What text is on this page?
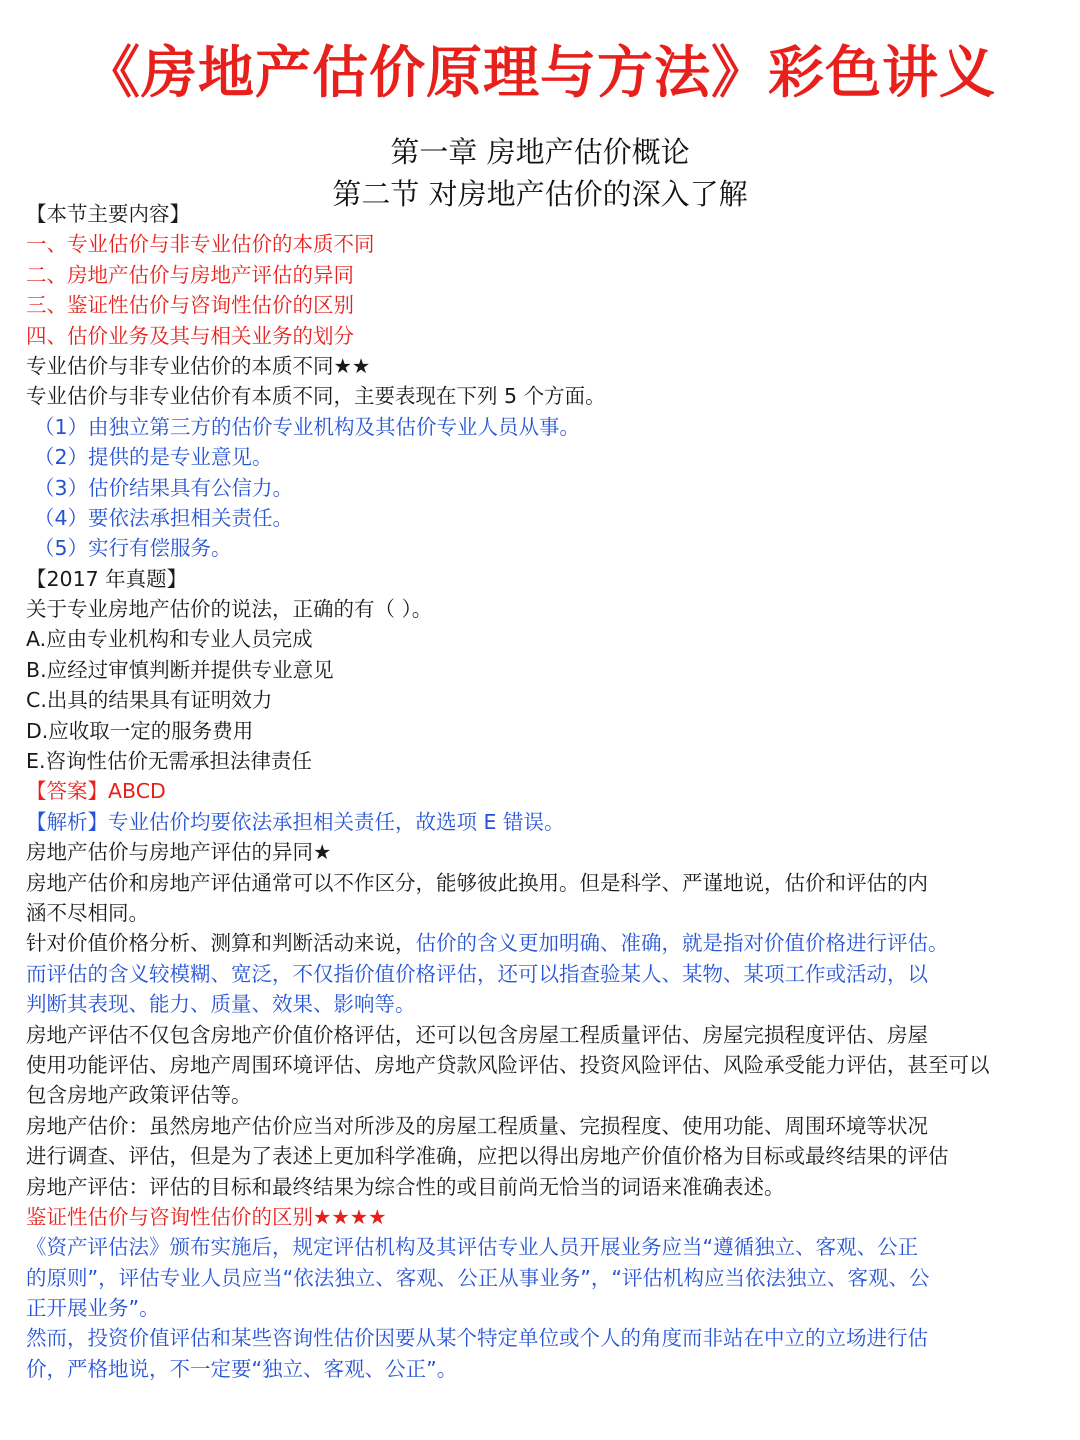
《房地产估价原理与方法》彩色讲义
第一章 房地产估价概论
第二节 对房地产估价的深入了解
【本节主要内容】
一、专业估价与非专业估价的本质不同
二、房地产估价与房地产评估的异同
三、鉴证性估价与咨询性估价的区别
四、估价业务及其与相关业务的划分
专业估价与非专业估价的本质不同★★
专业估价与非专业估价有本质不同，主要表现在下列 5 个方面。
（1）由独立第三方的估价专业机构及其估价专业人员从事。
（2）提供的是专业意见。
（3）估价结果具有公信力。
（4）要依法承担相关责任。
（5）实行有偿服务。
【2017 年真题】
关于专业房地产估价的说法，正确的有（ ）。
A.应由专业机构和专业人员完成
B.应经过审慎判断并提供专业意见
C.出具的结果具有证明效力
D.应收取一定的服务费用
E.咨询性估价无需承担法律责任
【答案】ABCD
【解析】专业估价均要依法承担相关责任，故选项 E 错误。
房地产估价与房地产评估的异同★
房地产估价和房地产评估通常可以不作区分，能够彼此换用。但是科学、严谨地说，估价和评估的内
涵不尽相同。
针对价值价格分析、测算和判断活动来说，估价的含义更加明确、准确，就是指对价值价格进行评估。
而评估的含义较模糊、宽泛，不仅指价值价格评估，还可以指查验某人、某物、某项工作或活动，以
判断其表现、能力、质量、效果、影响等。
房地产评估不仅包含房地产价值价格评估，还可以包含房屋工程质量评估、房屋完损程度评估、房屋
使用功能评估、房地产周围环境评估、房地产贷款风险评估、投资风险评估、风险承受能力评估，甚至可以
包含房地产政策评估等。
房地产估价：虽然房地产估价应当对所涉及的房屋工程质量、完损程度、使用功能、周围环境等状况
进行调查、评估，但是为了表述上更加科学准确，应把以得出房地产价值价格为目标或最终结果的评估
房地产评估：评估的目标和最终结果为综合性的或目前尚无恰当的词语来准确表述。
鉴证性估价与咨询性估价的区别★★★★
《资产评估法》颁布实施后，规定评估机构及其评估专业人员开展业务应当“遵循独立、客观、公正
的原则”，评估专业人员应当“依法独立、客观、公正从事业务”，“评估机构应当依法独立、客观、公
正开展业务”。
然而，投资价值评估和某些咨询性估价因要从某个特定单位或个人的角度而非站在中立的立场进行估
价，严格地说，不一定要“独立、客观、公正”。
